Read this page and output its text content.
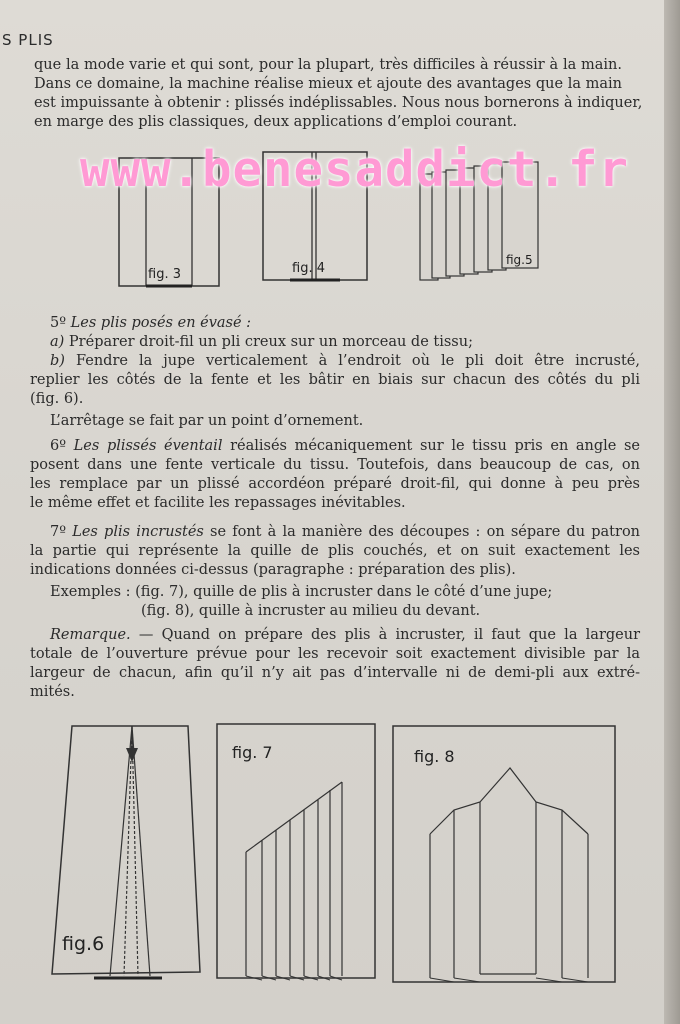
S PLIS
que la mode varie et qui sont, pour la plupart, très difficiles à réussir à la main.
Dans ce domaine, la machine réalise mieux et ajoute des avantages que la main
est impuissante à obtenir : plissés indéplissables. Nous nous bornerons à indiquer,
en marge des plis classiques, deux applications d’emploi courant.
fig. 3	fig. 4
fig.5
www.benesaddict.fr
5º Les plis posés en évasé :
a) Préparer droit-fil un pli creux sur un morceau de tissu;
b) Fendre la jupe verticalement à l’endroit où le pli doit être incrusté,
replier les côtés de la fente et les bâtir en biais sur chacun des côtés du pli
(fig. 6).
L’arrêtage se fait par un point d’ornement.
6º Les plissés éventail réalisés mécaniquement sur le tissu pris en angle se
posent dans une fente verticale du tissu. Toutefois, dans beaucoup de cas, on
les remplace par un plissé accordéon préparé droit-fil, qui donne à peu près
le même effet et facilite les repassages inévitables.
7º Les plis incrustés se font à la manière des découpes : on sépare du patron
la partie qui représente la quille de plis couchés, et on suit exactement les
indications données ci-dessus (paragraphe : préparation des plis).
Exemples : (fig. 7), quille de plis à incruster dans le côté d’une jupe;
(fig. 8), quille à incruster au milieu du devant.
Remarque. — Quand on prépare des plis à incruster, il faut que la largeur
totale de l’ouverture prévue pour les recevoir soit exactement divisible par la
largeur de chacun, afin qu’il n’y ait pas d’intervalle ni de demi-pli aux extré-
mités.
fig.6
fig. 7	fig. 8
